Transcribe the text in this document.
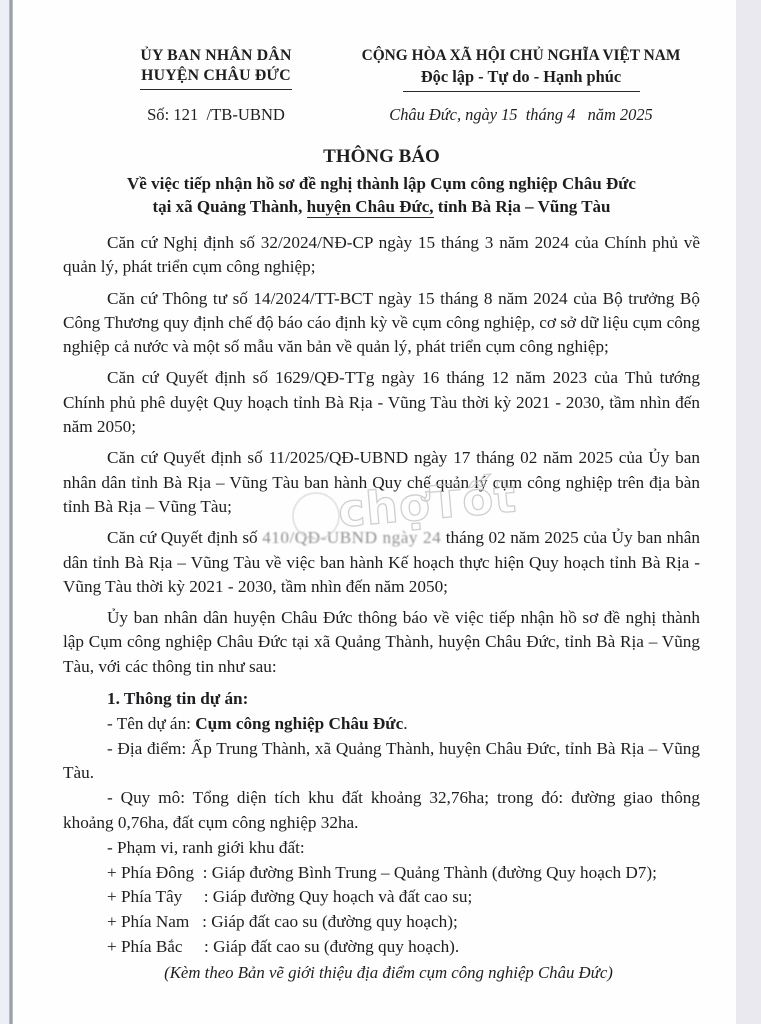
ỦY BAN NHÂN DÂN
HUYỆN CHÂU ĐỨC
Số: 121  /TB-UBND
CỘNG HÒA XÃ HỘI CHỦ NGHĨA VIỆT NAM
Độc lập - Tự do - Hạnh phúc
Châu Đức, ngày 15  tháng 4   năm 2025
THÔNG BÁO
Về việc tiếp nhận hồ sơ đề nghị thành lập Cụm công nghiệp Châu Đức
tại xã Quảng Thành, huyện Châu Đức, tỉnh Bà Rịa – Vũng Tàu

Căn cứ Nghị định số 32/2024/NĐ-CP ngày 15 tháng 3 năm 2024 của Chính phủ về quản lý, phát triển cụm công nghiệp;

Căn cứ Thông tư số 14/2024/TT-BCT ngày 15 tháng 8 năm 2024 của Bộ trưởng Bộ Công Thương quy định chế độ báo cáo định kỳ về cụm công nghiệp, cơ sở dữ liệu cụm công nghiệp cả nước và một số mẫu văn bản về quản lý, phát triển cụm công nghiệp;

Căn cứ Quyết định số 1629/QĐ-TTg ngày 16 tháng 12 năm 2023 của Thủ tướng Chính phủ phê duyệt Quy hoạch tỉnh Bà Rịa - Vũng Tàu thời kỳ 2021 - 2030, tầm nhìn đến năm 2050;

Căn cứ Quyết định số 11/2025/QĐ-UBND ngày 17 tháng 02 năm 2025 của Ủy ban nhân dân tỉnh Bà Rịa – Vũng Tàu ban hành Quy chế quản lý cụm công nghiệp trên địa bàn tỉnh Bà Rịa – Vũng Tàu;

Căn cứ Quyết định số 410/QĐ-UBND ngày 24 tháng 02 năm 2025 của Ủy ban nhân dân tỉnh Bà Rịa – Vũng Tàu về việc ban hành Kế hoạch thực hiện Quy hoạch tỉnh Bà Rịa - Vũng Tàu thời kỳ 2021 - 2030, tầm nhìn đến năm 2050;

Ủy ban nhân dân huyện Châu Đức thông báo về việc tiếp nhận hồ sơ đề nghị thành lập Cụm công nghiệp Châu Đức tại xã Quảng Thành, huyện Châu Đức, tỉnh Bà Rịa – Vũng Tàu, với các thông tin như sau:

1. Thông tin dự án:

- Tên dự án: Cụm công nghiệp Châu Đức.

- Địa điểm: Ấp Trung Thành, xã Quảng Thành, huyện Châu Đức, tỉnh Bà Rịa – Vũng Tàu.

- Quy mô: Tổng diện tích khu đất khoảng 32,76ha; trong đó: đường giao thông khoảng 0,76ha, đất cụm công nghiệp 32ha.

- Phạm vi, ranh giới khu đất:

+ Phía Đông  : Giáp đường Bình Trung – Quảng Thành (đường Quy hoạch D7);

+ Phía Tây     : Giáp đường Quy hoạch và đất cao su;

+ Phía Nam   : Giáp đất cao su (đường quy hoạch);

+ Phía Bắc     : Giáp đất cao su (đường quy hoạch).

(Kèm theo Bản vẽ giới thiệu địa điểm cụm công nghiệp Châu Đức)
